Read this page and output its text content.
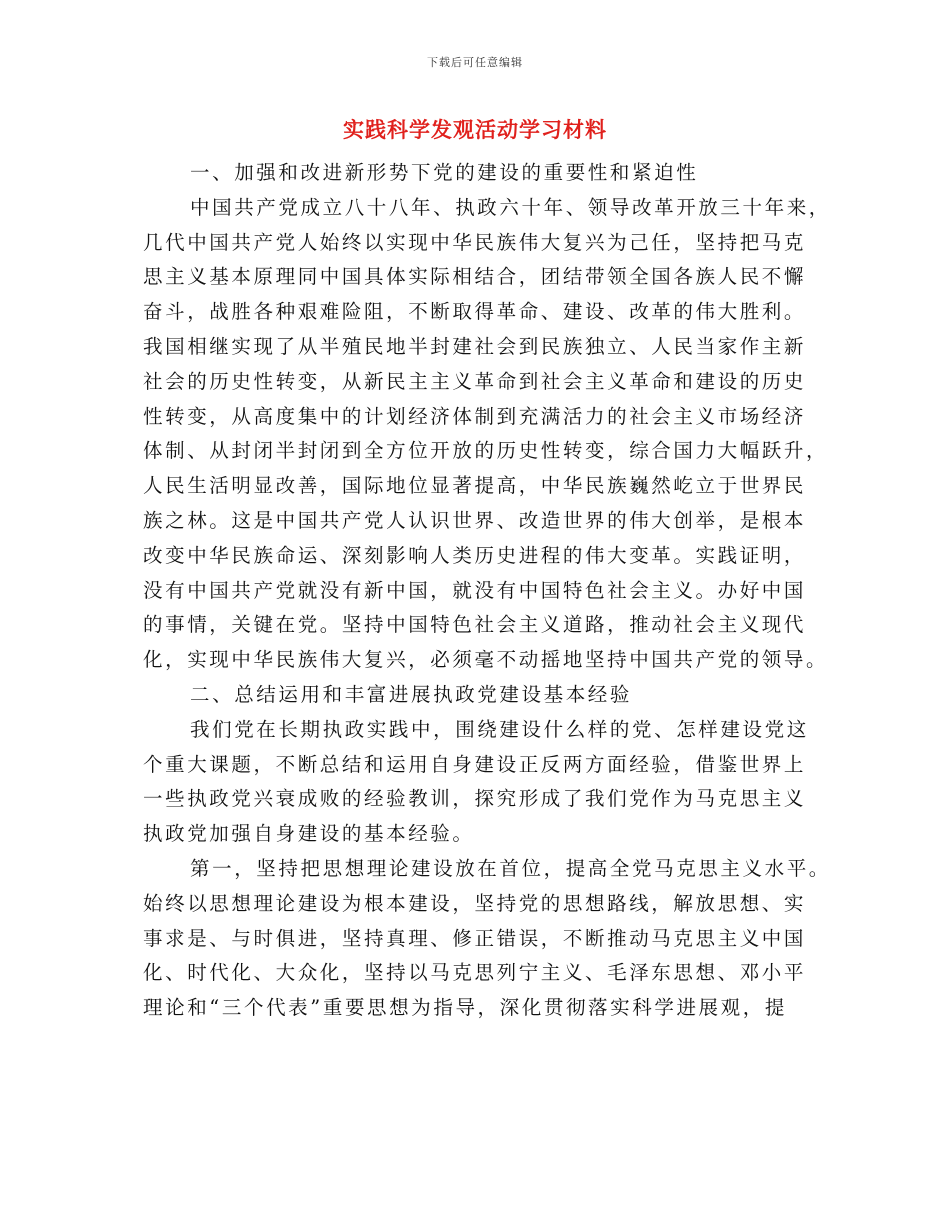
下载后可任意编辑
实践科学发观活动学习材料
一、加强和改进新形势下党的建设的重要性和紧迫性
中国共产党成立八十八年、执政六十年、领导改革开放三十年来，
几代中国共产党人始终以实现中华民族伟大复兴为己任，坚持把马克
思主义基本原理同中国具体实际相结合，团结带领全国各族人民不懈
奋斗，战胜各种艰难险阻，不断取得革命、建设、改革的伟大胜利。
我国相继实现了从半殖民地半封建社会到民族独立、人民当家作主新
社会的历史性转变，从新民主主义革命到社会主义革命和建设的历史
性转变，从高度集中的计划经济体制到充满活力的社会主义市场经济
体制、从封闭半封闭到全方位开放的历史性转变，综合国力大幅跃升，
人民生活明显改善，国际地位显著提高，中华民族巍然屹立于世界民
族之林。这是中国共产党人认识世界、改造世界的伟大创举，是根本
改变中华民族命运、深刻影响人类历史进程的伟大变革。实践证明，
没有中国共产党就没有新中国，就没有中国特色社会主义。办好中国
的事情，关键在党。坚持中国特色社会主义道路，推动社会主义现代
化，实现中华民族伟大复兴，必须毫不动摇地坚持中国共产党的领导。
二、总结运用和丰富进展执政党建设基本经验
我们党在长期执政实践中，围绕建设什么样的党、怎样建设党这
个重大课题，不断总结和运用自身建设正反两方面经验，借鉴世界上
一些执政党兴衰成败的经验教训，探究形成了我们党作为马克思主义
执政党加强自身建设的基本经验。
第一，坚持把思想理论建设放在首位，提高全党马克思主义水平。
始终以思想理论建设为根本建设，坚持党的思想路线，解放思想、实
事求是、与时俱进，坚持真理、修正错误，不断推动马克思主义中国
化、时代化、大众化，坚持以马克思列宁主义、毛泽东思想、邓小平
理论和“三个代表”重要思想为指导，深化贯彻落实科学进展观，提
